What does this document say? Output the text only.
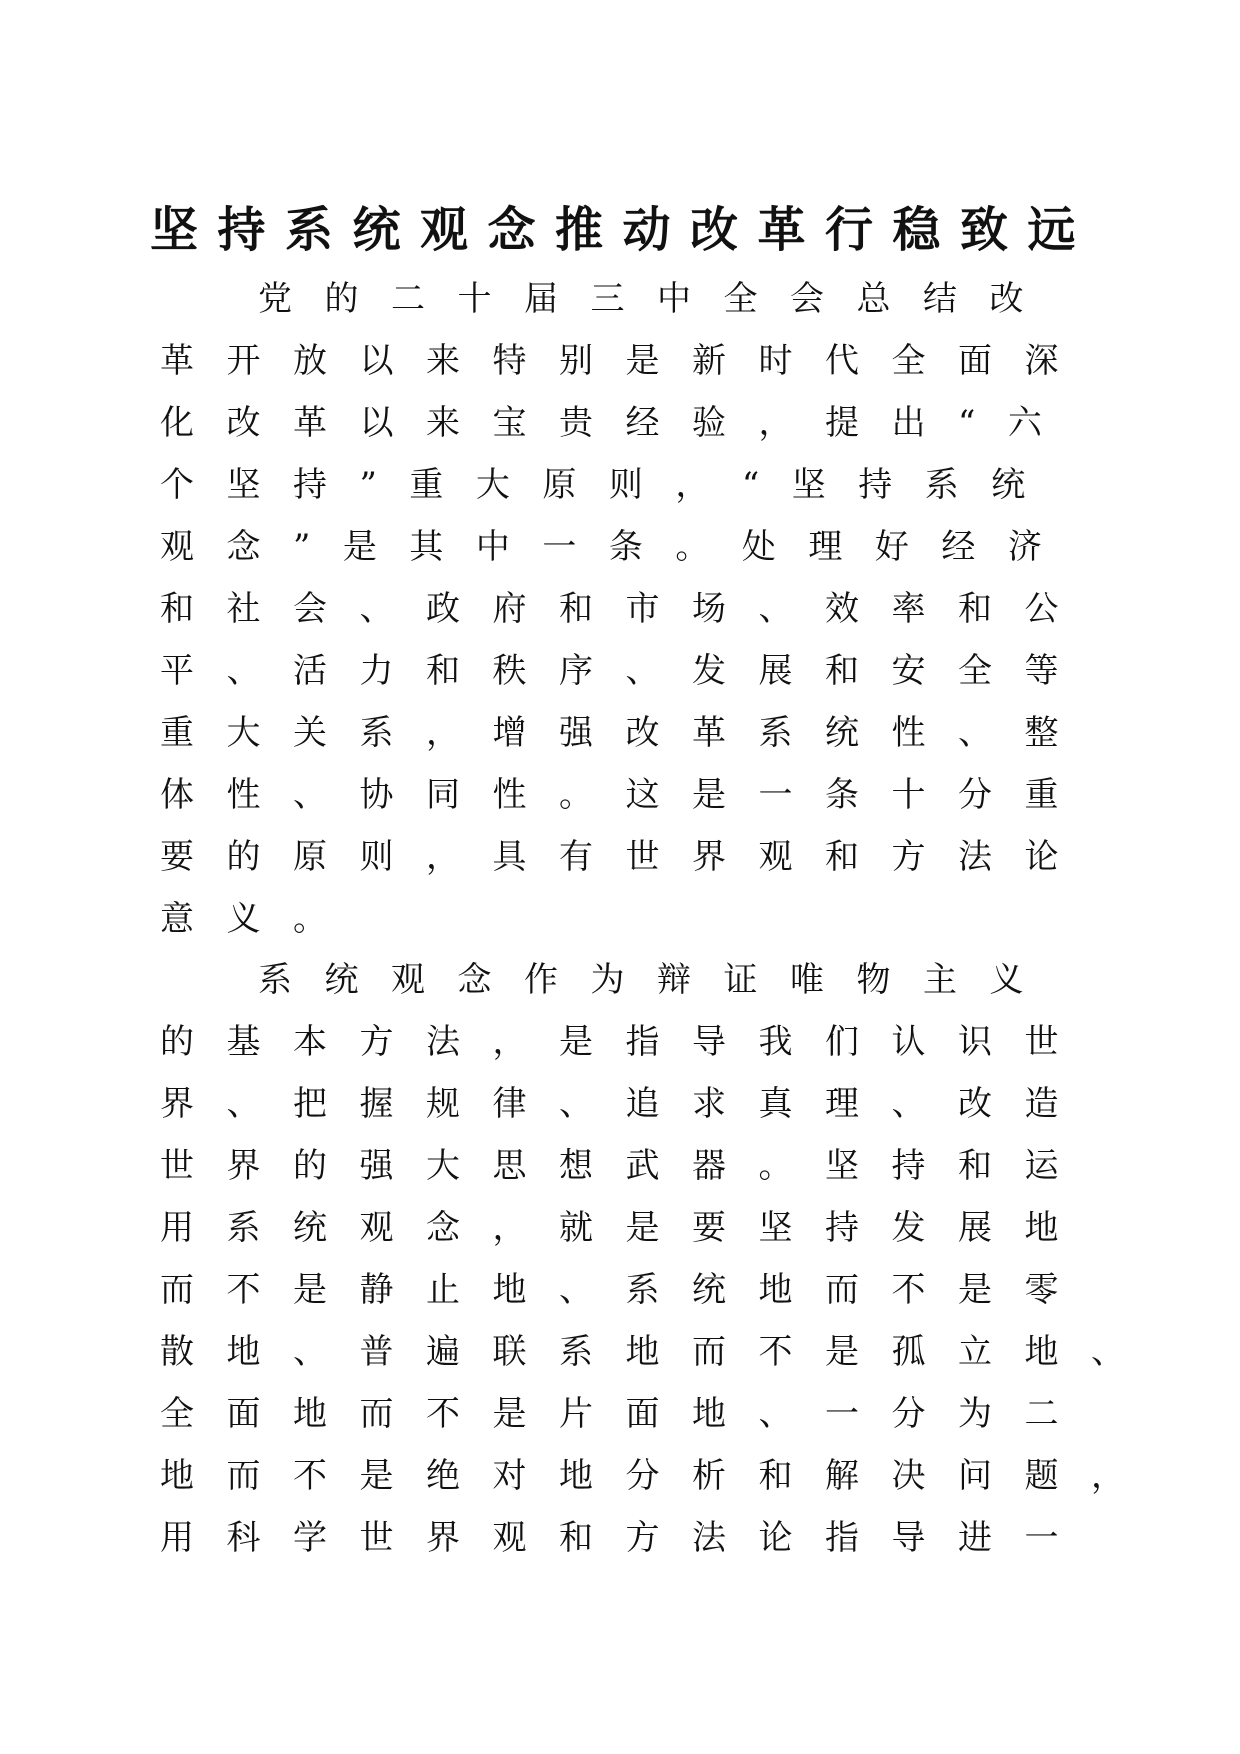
坚持系统观念推动改革行稳致远
党的二十届三中全会总结改
革开放以来特别是新时代全面深
化改革以来宝贵经验，提出“六
个坚持”重大原则，“坚持系统
观念”是其中一条。处理好经济
和社会、政府和市场、效率和公
平、活力和秩序、发展和安全等
重大关系，增强改革系统性、整
体性、协同性。这是一条十分重
要的原则，具有世界观和方法论
意义。
系统观念作为辩证唯物主义
的基本方法，是指导我们认识世
界、把握规律、追求真理、改造
世界的强大思想武器。坚持和运
用系统观念，就是要坚持发展地
而不是静止地、系统地而不是零
散地、普遍联系地而不是孤立地、
全面地而不是片面地、一分为二
地而不是绝对地分析和解决问题，
用科学世界观和方法论指导进一
